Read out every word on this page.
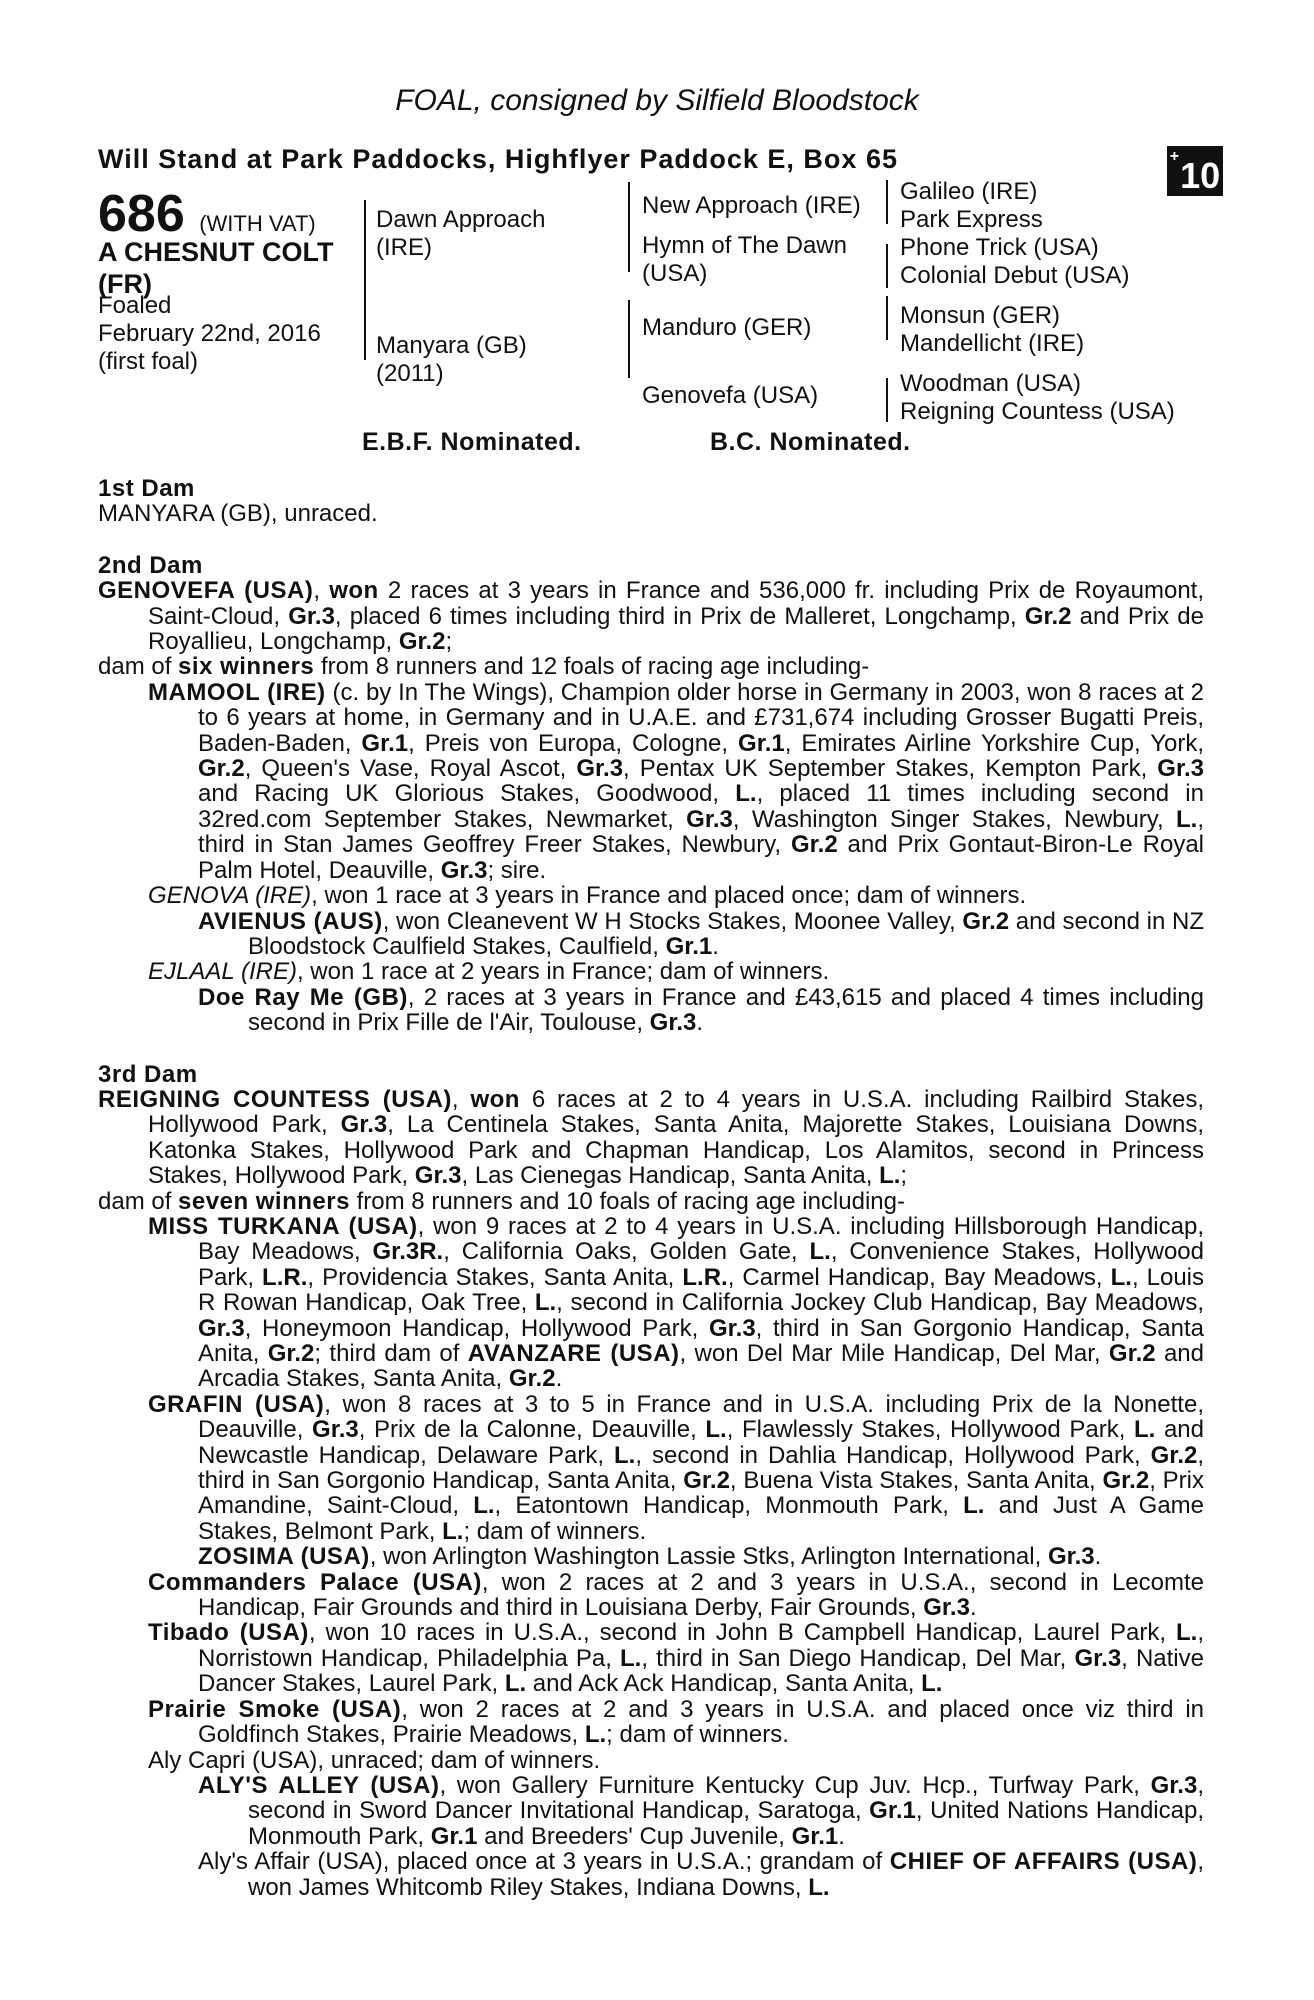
FOAL, consigned by Silfield Bloodstock
Will Stand at Park Paddocks, Highflyer Paddock E, Box 65	+10
686 (WITH VAT)
A CHESNUT COLT
(FR)
Foaled
February 22nd, 2016
(first foal)
Dawn Approach
(IRE)
Manyara (GB)
(2011)
New Approach (IRE)
Hymn of The Dawn
(USA)
Manduro (GER)
Genovefa (USA)
Galileo (IRE)
Park Express
Phone Trick (USA)
Colonial Debut (USA)
Monsun (GER)
Mandellicht (IRE)
Woodman (USA)
Reigning Countess (USA)
E.B.F. Nominated.	B.C. Nominated.
1st Dam

MANYARA (GB), unraced.

2nd Dam

GENOVEFA (USA), won 2 races at 3 years in France and 536,000 fr. including Prix de Royaumont, Saint-Cloud, Gr.3, placed 6 times including third in Prix de Malleret, Longchamp, Gr.2 and Prix de Royallieu, Longchamp, Gr.2;

dam of six winners from 8 runners and 12 foals of racing age including-

MAMOOL (IRE) (c. by In The Wings), Champion older horse in Germany in 2003, won 8 races at 2 to 6 years at home, in Germany and in U.A.E. and £731,674 including Grosser Bugatti Preis, Baden-Baden, Gr.1, Preis von Europa, Cologne, Gr.1, Emirates Airline Yorkshire Cup, York, Gr.2, Queen's Vase, Royal Ascot, Gr.3, Pentax UK September Stakes, Kempton Park, Gr.3 and Racing UK Glorious Stakes, Goodwood, L., placed 11 times including second in 32red.com September Stakes, Newmarket, Gr.3, Washington Singer Stakes, Newbury, L., third in Stan James Geoffrey Freer Stakes, Newbury, Gr.2 and Prix Gontaut-Biron-Le Royal Palm Hotel, Deauville, Gr.3; sire.

GENOVA (IRE), won 1 race at 3 years in France and placed once; dam of winners.

AVIENUS (AUS), won Cleanevent W H Stocks Stakes, Moonee Valley, Gr.2 and second in NZ Bloodstock Caulfield Stakes, Caulfield, Gr.1.

EJLAAL (IRE), won 1 race at 2 years in France; dam of winners.

Doe Ray Me (GB), 2 races at 3 years in France and £43,615 and placed 4 times including second in Prix Fille de l'Air, Toulouse, Gr.3.

3rd Dam

REIGNING COUNTESS (USA), won 6 races at 2 to 4 years in U.S.A. including Railbird Stakes, Hollywood Park, Gr.3, La Centinela Stakes, Santa Anita, Majorette Stakes, Louisiana Downs, Katonka Stakes, Hollywood Park and Chapman Handicap, Los Alamitos, second in Princess Stakes, Hollywood Park, Gr.3, Las Cienegas Handicap, Santa Anita, L.;

dam of seven winners from 8 runners and 10 foals of racing age including-

MISS TURKANA (USA), won 9 races at 2 to 4 years in U.S.A. including Hillsborough Handicap, Bay Meadows, Gr.3R., California Oaks, Golden Gate, L., Convenience Stakes, Hollywood Park, L.R., Providencia Stakes, Santa Anita, L.R., Carmel Handicap, Bay Meadows, L., Louis R Rowan Handicap, Oak Tree, L., second in California Jockey Club Handicap, Bay Meadows, Gr.3, Honeymoon Handicap, Hollywood Park, Gr.3, third in San Gorgonio Handicap, Santa Anita, Gr.2; third dam of AVANZARE (USA), won Del Mar Mile Handicap, Del Mar, Gr.2 and Arcadia Stakes, Santa Anita, Gr.2.

GRAFIN (USA), won 8 races at 3 to 5 in France and in U.S.A. including Prix de la Nonette, Deauville, Gr.3, Prix de la Calonne, Deauville, L., Flawlessly Stakes, Hollywood Park, L. and Newcastle Handicap, Delaware Park, L., second in Dahlia Handicap, Hollywood Park, Gr.2, third in San Gorgonio Handicap, Santa Anita, Gr.2, Buena Vista Stakes, Santa Anita, Gr.2, Prix Amandine, Saint-Cloud, L., Eatontown Handicap, Monmouth Park, L. and Just A Game Stakes, Belmont Park, L.; dam of winners.

ZOSIMA (USA), won Arlington Washington Lassie Stks, Arlington International, Gr.3.

Commanders Palace (USA), won 2 races at 2 and 3 years in U.S.A., second in Lecomte Handicap, Fair Grounds and third in Louisiana Derby, Fair Grounds, Gr.3.

Tibado (USA), won 10 races in U.S.A., second in John B Campbell Handicap, Laurel Park, L., Norristown Handicap, Philadelphia Pa, L., third in San Diego Handicap, Del Mar, Gr.3, Native Dancer Stakes, Laurel Park, L. and Ack Ack Handicap, Santa Anita, L.

Prairie Smoke (USA), won 2 races at 2 and 3 years in U.S.A. and placed once viz third in Goldfinch Stakes, Prairie Meadows, L.; dam of winners.

Aly Capri (USA), unraced; dam of winners.

ALY'S ALLEY (USA), won Gallery Furniture Kentucky Cup Juv. Hcp., Turfway Park, Gr.3, second in Sword Dancer Invitational Handicap, Saratoga, Gr.1, United Nations Handicap, Monmouth Park, Gr.1 and Breeders' Cup Juvenile, Gr.1.

Aly's Affair (USA), placed once at 3 years in U.S.A.; grandam of CHIEF OF AFFAIRS (USA), won James Whitcomb Riley Stakes, Indiana Downs, L.
